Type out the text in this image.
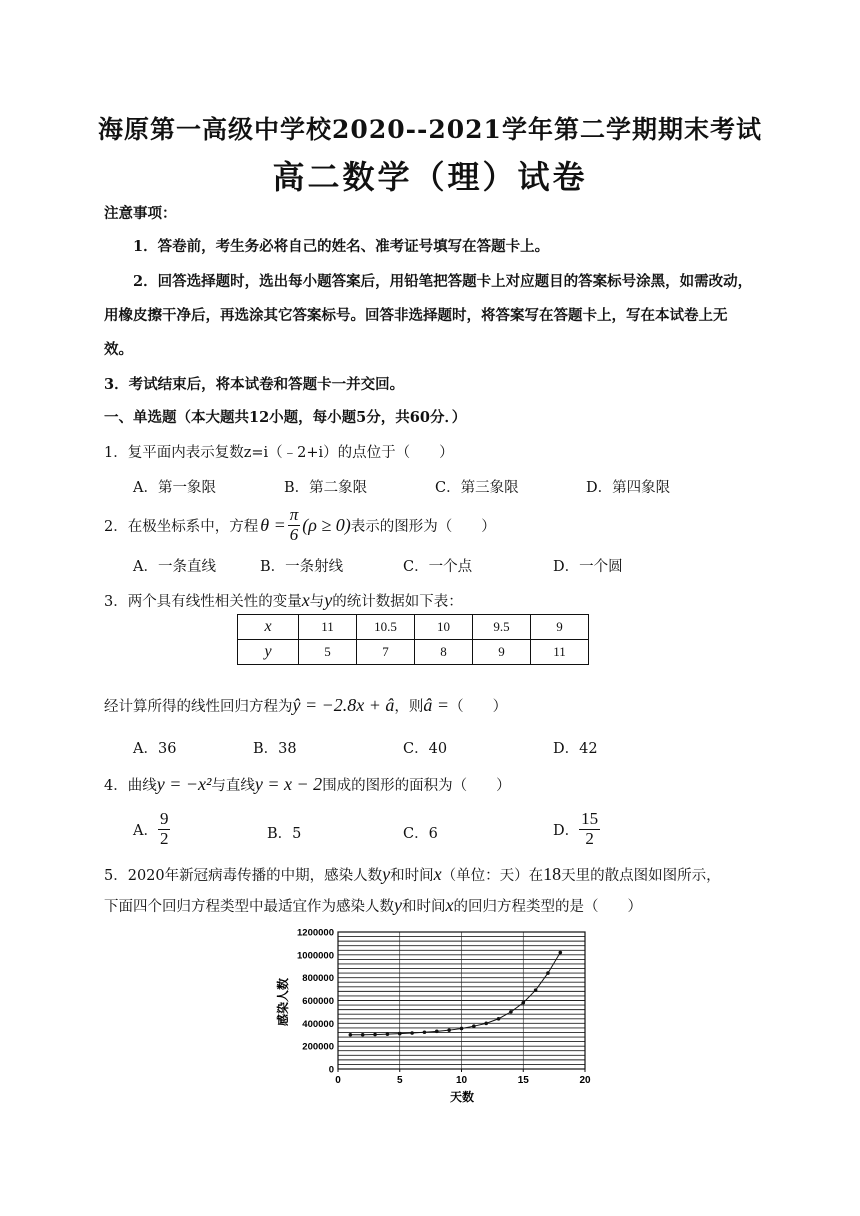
海原第一高级中学校2020--2021学年第二学期期末考试
高二数学（理）试卷
注意事项：
1．答卷前，考生务必将自己的姓名、准考证号填写在答题卡上。
2．回答选择题时，选出每小题答案后，用铅笔把答题卡上对应题目的答案标号涂黑，如需改动，
用橡皮擦干净后，再选涂其它答案标号。回答非选择题时，将答案写在答题卡上，写在本试卷上无
效。
3．考试结束后，将本试卷和答题卡一并交回。
一、单选题（本大题共12小题，每小题5分，共60分．）
1．复平面内表示复数z=i（﹣2+i）的点位于（　　）
A．第一象限	B．第二象限	C．第三象限	D．第四象限
2．在极坐标系中，方程 $\theta = \frac{\pi}{6} (\rho \ge 0)$ 表示的图形为（　　）
A．一条直线	B．一条射线	C．一个点	D．一个圆
3．两个具有线性相关性的变量x与y的统计数据如下表：
x	11	10.5	10	9.5	9
y	5	7	8	9	11
经计算所得的线性回归方程为ŷ = −2.8x + â，则â =（　　）
A．36	B．38	C．40	D．42
4．曲线y = −x²与直线y = x − 2围成的图形的面积为（　　）
A． $\frac{9}{2}$	B．5	C．6	D． $\frac{15}{2}$
5．2020年新冠病毒传播的中期，感染人数y和时间x（单位：天）在18天里的散点图如图所示，
下面四个回归方程类型中最适宜作为感染人数y和时间x的回归方程类型的是（　　）
感染人数
天数
0
200000
400000
600000
800000
1000000
1200000
0	5	10	15	20
